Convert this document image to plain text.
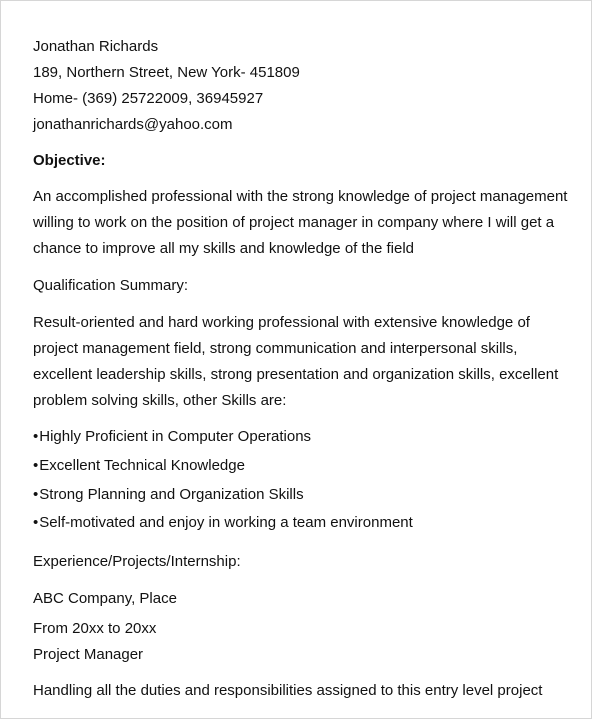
Jonathan Richards

189, Northern Street, New York- 451809

Home- (369) 25722009, 36945927

jonathanrichards@yahoo.com

Objective:

An accomplished professional with the strong knowledge of project management

willing to work on the position of project manager in company where I will get a

chance to improve all my skills and knowledge of the field

Qualification Summary:

Result-oriented and hard working professional with extensive knowledge of

project management field, strong communication and interpersonal skills,

excellent leadership skills, strong presentation and organization skills, excellent

problem solving skills, other Skills are:

•Highly Proficient in Computer Operations
•Excellent Technical Knowledge
•Strong Planning and Organization Skills
•Self-motivated and enjoy in working a team environment

Experience/Projects/Internship:

ABC Company, Place

From 20xx to 20xx

Project Manager

Handling all the duties and responsibilities assigned to this entry level project
